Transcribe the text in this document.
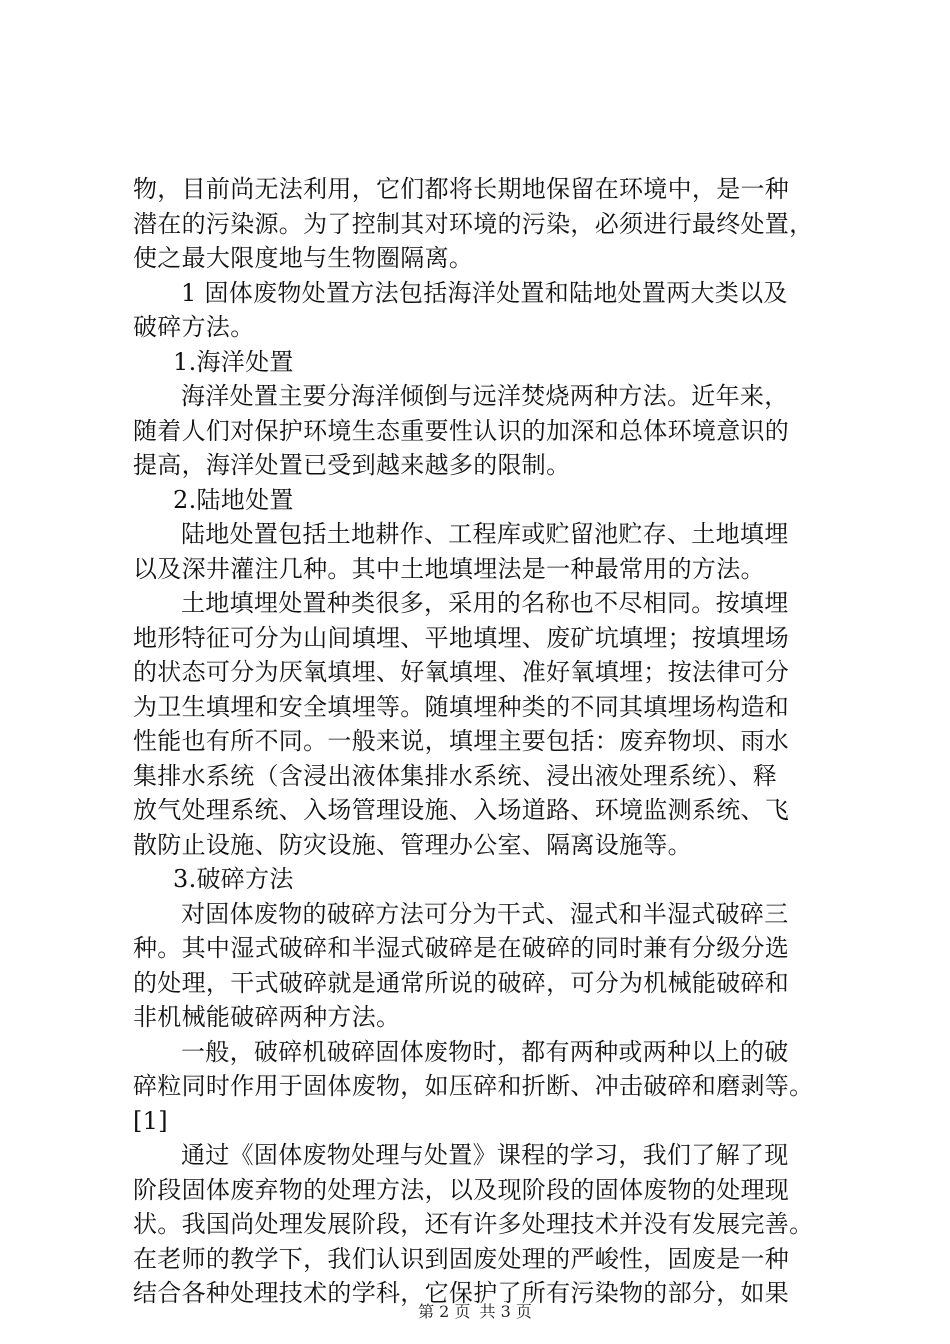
物，目前尚无法利用，它们都将长期地保留在环境中，是一种
潜在的污染源。为了控制其对环境的污染，必须进行最终处置，
使之最大限度地与生物圈隔离。
1 固体废物处置方法包括海洋处置和陆地处置两大类以及
破碎方法。
1.海洋处置
海洋处置主要分海洋倾倒与远洋焚烧两种方法。近年来，
随着人们对保护环境生态重要性认识的加深和总体环境意识的
提高，海洋处置已受到越来越多的限制。
2.陆地处置
陆地处置包括土地耕作、工程库或贮留池贮存、土地填埋
以及深井灌注几种。其中土地填埋法是一种最常用的方法。
土地填埋处置种类很多，采用的名称也不尽相同。按填埋
地形特征可分为山间填埋、平地填埋、废矿坑填埋；按填埋场
的状态可分为厌氧填埋、好氧填埋、准好氧填埋；按法律可分
为卫生填埋和安全填埋等。随填埋种类的不同其填埋场构造和
性能也有所不同。一般来说，填埋主要包括：废弃物坝、雨水
集排水系统（含浸出液体集排水系统、浸出液处理系统）、释
放气处理系统、入场管理设施、入场道路、环境监测系统、飞
散防止设施、防灾设施、管理办公室、隔离设施等。
3.破碎方法
对固体废物的破碎方法可分为干式、湿式和半湿式破碎三
种。其中湿式破碎和半湿式破碎是在破碎的同时兼有分级分选
的处理，干式破碎就是通常所说的破碎，可分为机械能破碎和
非机械能破碎两种方法。
一般，破碎机破碎固体废物时，都有两种或两种以上的破
碎粒同时作用于固体废物，如压碎和折断、冲击破碎和磨剥等。
[1]
通过《固体废物处理与处置》课程的学习，我们了解了现
阶段固体废弃物的处理方法，以及现阶段的固体废物的处理现
状。我国尚处理发展阶段，还有许多处理技术并没有发展完善。
在老师的教学下，我们认识到固废处理的严峻性，固废是一种
结合各种处理技术的学科，它保护了所有污染物的部分，如果
第 2 页 共 3 页
